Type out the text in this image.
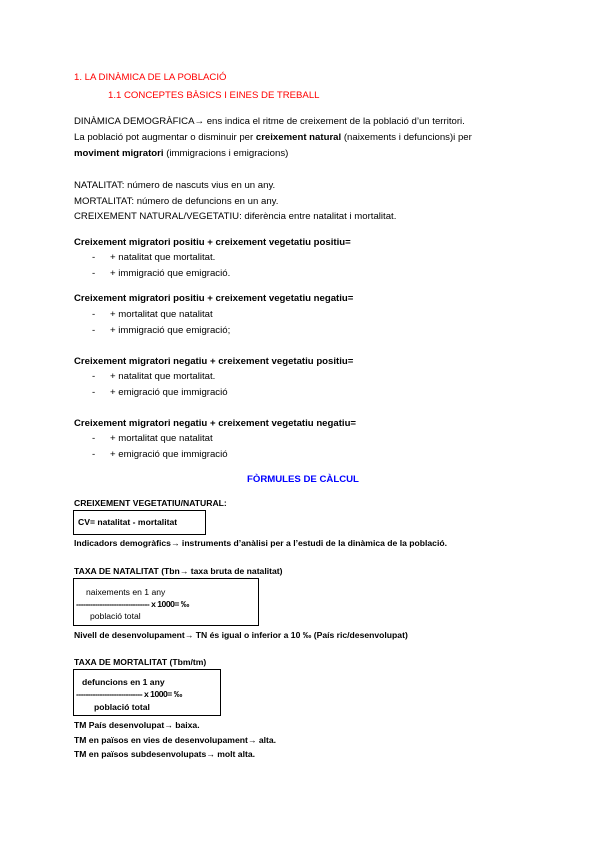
1. LA DINÀMICA DE LA POBLACIÓ
1.1 CONCEPTES BÀSICS I EINES DE TREBALL
DINÀMICA DEMOGRÀFICA→ ens indica el ritme de creixement de la població d’un territori.
La població pot augmentar o disminuir per creixement natural (naixements i defuncions)i per
moviment migratori (immigracions i emigracions)
NATALITAT: número de nascuts vius en un any.
MORTALITAT: número de defuncions en un any.
CREIXEMENT NATURAL/VEGETATIU: diferència entre natalitat i mortalitat.
Creixement migratori positiu + creixement vegetatiu positiu=
- + natalitat que mortalitat.
- + immigració que emigració.
Creixement migratori positiu + creixement vegetatiu negatiu=
- + mortalitat que natalitat
- + immigració que emigració;
Creixement migratori negatiu + creixement vegetatiu positiu=
- + natalitat que mortalitat.
- + emigració que immigració
Creixement migratori negatiu + creixement vegetatiu negatiu=
- + mortalitat que natalitat
- + emigració que immigració
FÒRMULES DE CÀLCUL
CREIXEMENT VEGETATIU/NATURAL:
CV= natalitat - mortalitat
Indicadors demogràfics→ instruments d’anàlisi per a l’estudi de la dinàmica de la població.
TAXA DE NATALITAT (Tbn→ taxa bruta de natalitat)
naixements en 1 any
------------------------------- x 1000= ‰
població total
Nivell de desenvolupament→ TN és igual o inferior a 10 ‰ (País ric/desenvolupat)
TAXA DE MORTALITAT (Tbm/tm)
defuncions en 1 any
---------------------------- x 1000= ‰
població total
TM País desenvolupat→ baixa.
TM en països en vies de desenvolupament→ alta.
TM en països subdesenvolupats→ molt alta.
